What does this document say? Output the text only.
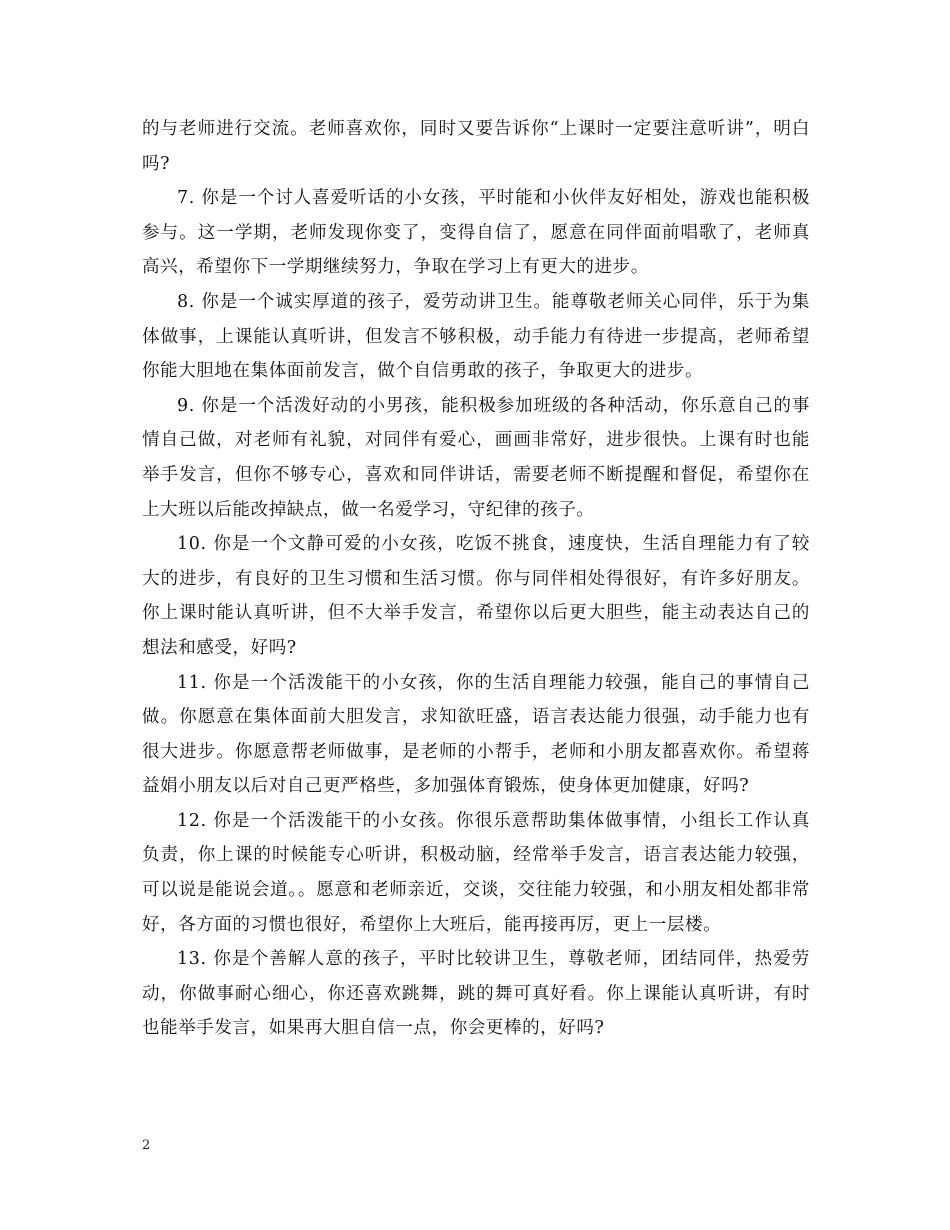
的与老师进行交流。老师喜欢你，同时又要告诉你“上课时一定要注意听讲”，明白吗?

7. 你是一个讨人喜爱听话的小女孩，平时能和小伙伴友好相处，游戏也能积极参与。这一学期，老师发现你变了，变得自信了，愿意在同伴面前唱歌了，老师真高兴，希望你下一学期继续努力，争取在学习上有更大的进步。

8. 你是一个诚实厚道的孩子，爱劳动讲卫生。能尊敬老师关心同伴，乐于为集体做事，上课能认真听讲，但发言不够积极，动手能力有待进一步提高，老师希望你能大胆地在集体面前发言，做个自信勇敢的孩子，争取更大的进步。

9. 你是一个活泼好动的小男孩，能积极参加班级的各种活动，你乐意自己的事情自己做，对老师有礼貌，对同伴有爱心，画画非常好，进步很快。上课有时也能举手发言，但你不够专心，喜欢和同伴讲话，需要老师不断提醒和督促，希望你在上大班以后能改掉缺点，做一名爱学习，守纪律的孩子。

10. 你是一个文静可爱的小女孩，吃饭不挑食，速度快，生活自理能力有了较大的进步，有良好的卫生习惯和生活习惯。你与同伴相处得很好，有许多好朋友。你上课时能认真听讲，但不大举手发言，希望你以后更大胆些，能主动表达自己的想法和感受，好吗?

11. 你是一个活泼能干的小女孩，你的生活自理能力较强，能自己的事情自己做。你愿意在集体面前大胆发言，求知欲旺盛，语言表达能力很强，动手能力也有很大进步。你愿意帮老师做事，是老师的小帮手，老师和小朋友都喜欢你。希望蒋益娟小朋友以后对自己更严格些，多加强体育锻炼，使身体更加健康，好吗?

12. 你是一个活泼能干的小女孩。你很乐意帮助集体做事情，小组长工作认真负责，你上课的时候能专心听讲，积极动脑，经常举手发言，语言表达能力较强，可以说是能说会道。。愿意和老师亲近，交谈，交往能力较强，和小朋友相处都非常好，各方面的习惯也很好，希望你上大班后，能再接再厉，更上一层楼。

13. 你是个善解人意的孩子，平时比较讲卫生，尊敬老师，团结同伴，热爱劳动，你做事耐心细心，你还喜欢跳舞，跳的舞可真好看。你上课能认真听讲，有时也能举手发言，如果再大胆自信一点，你会更棒的，好吗?

2
